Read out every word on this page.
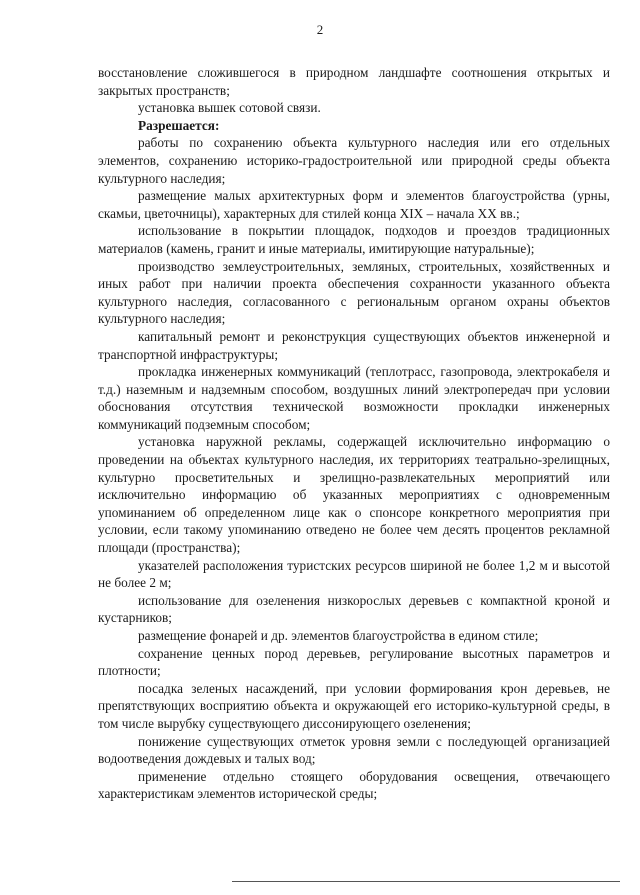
2

восстановление сложившегося в природном ландшафте соотношения открытых и закрытых пространств;

установка вышек сотовой связи.

Разрешается:

работы по сохранению объекта культурного наследия или его отдельных элементов, сохранению историко-градостроительной или природной среды объекта культурного наследия;

размещение малых архитектурных форм и элементов благоустройства (урны, скамьи, цветочницы), характерных для стилей конца XIX – начала XX вв.;

использование в покрытии площадок, подходов и проездов традиционных материалов (камень, гранит и иные материалы, имитирующие натуральные);

производство землеустроительных, земляных, строительных, хозяйственных и иных работ при наличии проекта обеспечения сохранности указанного объекта культурного наследия, согласованного с региональным органом охраны объектов культурного наследия;

капитальный ремонт и реконструкция существующих объектов инженерной и транспортной инфраструктуры;

прокладка инженерных коммуникаций (теплотрасс, газопровода, электрокабеля и т.д.) наземным и надземным способом, воздушных линий электропередач при условии обоснования отсутствия технической возможности прокладки инженерных коммуникаций подземным способом;

установка наружной рекламы, содержащей исключительно информацию о проведении на объектах культурного наследия, их территориях театрально-зрелищных, культурно просветительных и зрелищно-развлекательных мероприятий или исключительно информацию об указанных мероприятиях с одновременным упоминанием об определенном лице как о спонсоре конкретного мероприятия при условии, если такому упоминанию отведено не более чем десять процентов рекламной площади (пространства);

указателей расположения туристских ресурсов шириной не более 1,2 м и высотой не более 2 м;

использование для озеленения низкорослых деревьев с компактной кроной и кустарников;

размещение фонарей и др. элементов благоустройства в едином стиле;

сохранение ценных пород деревьев, регулирование высотных параметров и плотности;

посадка зеленых насаждений, при условии формирования крон деревьев, не препятствующих восприятию объекта и окружающей его историко-культурной среды, в том числе вырубку существующего диссонирующего озеленения;

понижение существующих отметок уровня земли с последующей организацией водоотведения дождевых и талых вод;

применение отдельно стоящего оборудования освещения, отвечающего характеристикам элементов исторической среды;
